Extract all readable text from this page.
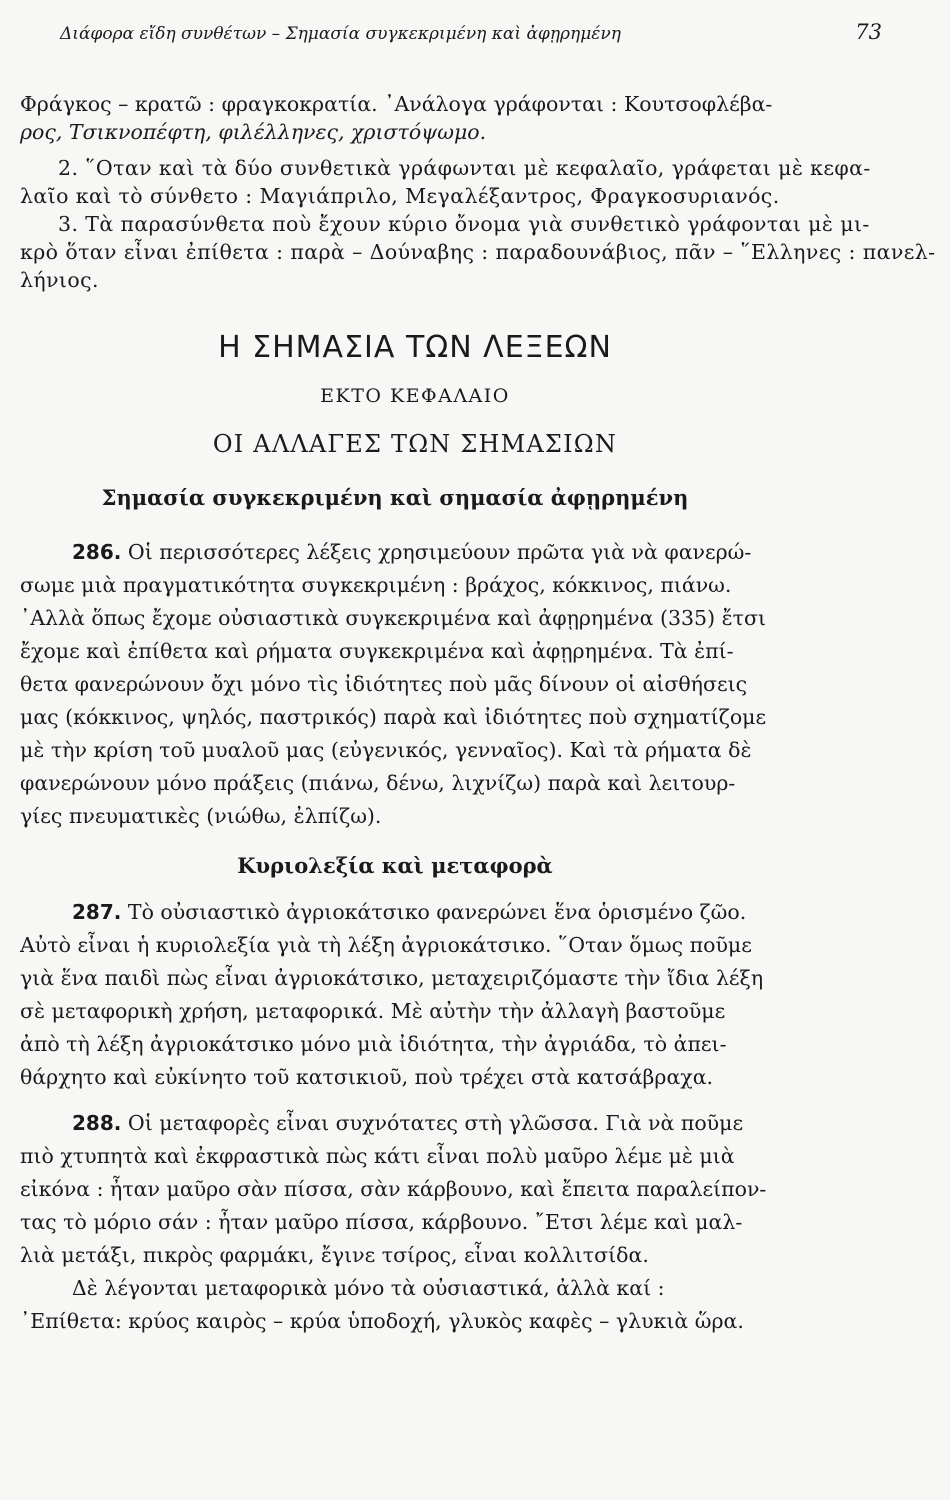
Διάφορα εἴδη συνθέτων – Σημασία συγκεκριμένη καὶ ἀφῃρημένη	73
Φράγκος – κρατῶ : φραγκοκρατία. ᾿Ανάλογα γράφονται : Κουτσοφλέβα-
ρος, Τσικνοπέφτη, φιλέλληνες, χριστόψωμο.
2. ῞Οταν καὶ τὰ δύο συνθετικὰ γράφωνται μὲ κεφαλαῖο, γράφεται μὲ κεφα-
λαῖο καὶ τὸ σύνθετο : Μαγιάπριλο, Μεγαλέξαντρος, Φραγκοσυριανός.
3. Τὰ παρασύνθετα ποὺ ἔχουν κύριο ὄνομα γιὰ συνθετικὸ γράφονται μὲ μι-
κρὸ ὅταν εἶναι ἐπίθετα : παρὰ – Δούναβης : παραδουνάβιος, πᾶν – ῞Ελληνες : πανελ-
λήνιος.
Η ΣΗΜΑΣΙΑ ΤΩΝ ΛΕΞΕΩΝ
ΕΚΤΟ ΚΕΦΑΛΑΙΟ
ΟΙ ΑΛΛΑΓΕΣ ΤΩΝ ΣΗΜΑΣΙΩΝ
Σημασία συγκεκριμένη καὶ σημασία ἀφῃρημένη
286. Οἱ περισσότερες λέξεις χρησιμεύουν πρῶτα γιὰ νὰ φανερώ-
σωμε μιὰ πραγματικότητα συγκεκριμένη : βράχος, κόκκινος, πιάνω.
᾿Αλλὰ ὅπως ἔχομε οὐσιαστικὰ συγκεκριμένα καὶ ἀφῃρημένα (335) ἔτσι
ἔχομε καὶ ἐπίθετα καὶ ρήματα συγκεκριμένα καὶ ἀφῃρημένα. Τὰ ἐπί-
θετα φανερώνουν ὄχι μόνο τὶς ἰδιότητες ποὺ μᾶς δίνουν οἱ αἰσθήσεις
μας (κόκκινος, ψηλός, παστρικός) παρὰ καὶ ἰδιότητες ποὺ σχηματίζομε
μὲ τὴν κρίση τοῦ μυαλοῦ μας (εὐγενικός, γενναῖος). Καὶ τὰ ρήματα δὲ
φανερώνουν μόνο πράξεις (πιάνω, δένω, λιχνίζω) παρὰ καὶ λειτουρ-
γίες πνευματικὲς (νιώθω, ἐλπίζω).
Κυριολεξία καὶ μεταφορὰ
287. Τὸ οὐσιαστικὸ ἀγριοκάτσικο φανερώνει ἕνα ὁρισμένο ζῶο.
Αὐτὸ εἶναι ἡ κυριολεξία γιὰ τὴ λέξη ἀγριοκάτσικο. ῞Οταν ὅμως ποῦμε
γιὰ ἕνα παιδὶ πὼς εἶναι ἀγριοκάτσικο, μεταχειριζόμαστε τὴν ἴδια λέξη
σὲ μεταφορικὴ χρήση, μεταφορικά. Μὲ αὐτὴν τὴν ἀλλαγὴ βαστοῦμε
ἀπὸ τὴ λέξη ἀγριοκάτσικο μόνο μιὰ ἰδιότητα, τὴν ἀγριάδα, τὸ ἀπει-
θάρχητο καὶ εὐκίνητο τοῦ κατσικιοῦ, ποὺ τρέχει στὰ κατσάβραχα.
288. Οἱ μεταφορὲς εἶναι συχνότατες στὴ γλῶσσα. Γιὰ νὰ ποῦμε
πιὸ χτυπητὰ καὶ ἐκφραστικὰ πὼς κάτι εἶναι πολὺ μαῦρο λέμε μὲ μιὰ
εἰκόνα : ἦταν μαῦρο σὰν πίσσα, σὰν κάρβουνο, καὶ ἔπειτα παραλείπον-
τας τὸ μόριο σάν : ἦταν μαῦρο πίσσα, κάρβουνο. ῎Ετσι λέμε καὶ μαλ-
λιὰ μετάξι, πικρὸς φαρμάκι, ἔγινε τσίρος, εἶναι κολλιτσίδα.
Δὲ λέγονται μεταφορικὰ μόνο τὰ οὐσιαστικά, ἀλλὰ καί :
᾿Επίθετα: κρύος καιρὸς – κρύα ὑποδοχή, γλυκὸς καφὲς – γλυκιὰ ὥρα.
